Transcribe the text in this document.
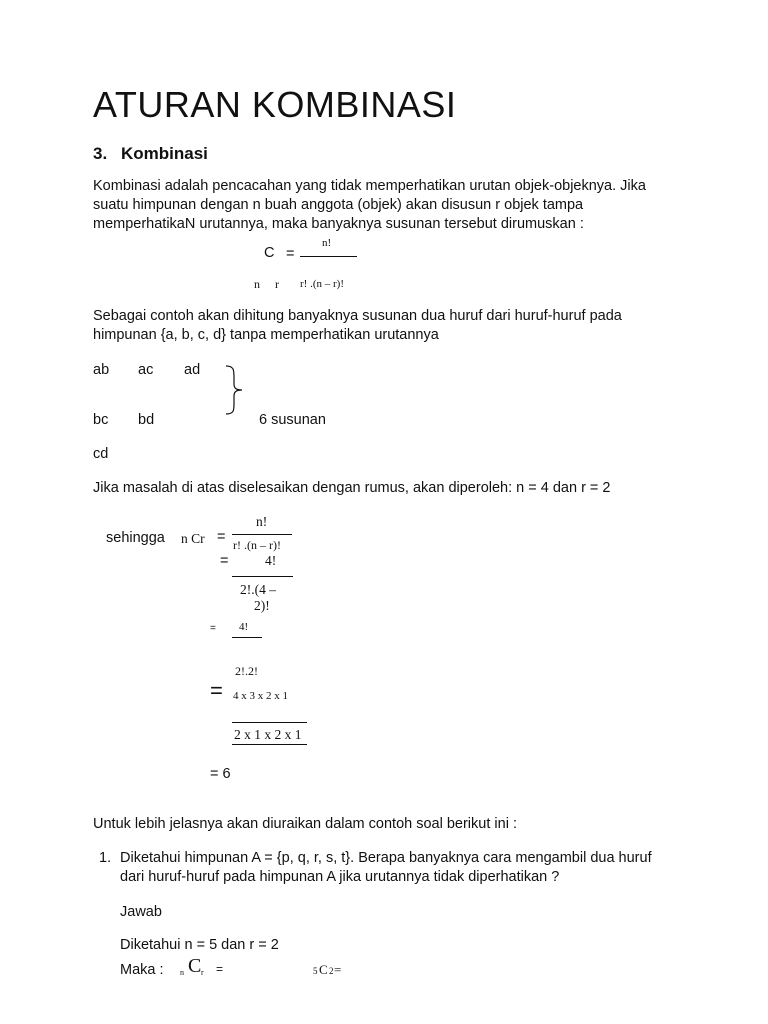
ATURAN KOMBINASI
3. Kombinasi
Kombinasi adalah pencacahan yang tidak memperhatikan urutan objek-objeknya. Jika
suatu himpunan dengan n buah anggota (objek) akan disusun r objek tampa
memperhatikaN urutannya, maka banyaknya susunan tersebut dirumuskan :
n!
C =
n r r! .(n – r)!
Sebagai contoh akan dihitung banyaknya susunan dua huruf dari huruf-huruf pada
himpunan {a, b, c, d} tanpa memperhatikan urutannya
ab ac ad
bc bd	6 susunan
cd
Jika masalah di atas diselesaikan dengan rumus, akan diperoleh: n = 4 dan r = 2
n!
sehingga n Cr = r! .(n – r)!
=	4!
2!.(4 –
2)!
= 4!
2!.2!
= 4 x 3 x 2 x 1
2 x 1 x 2 x 1
= 6
Untuk lebih jelasnya akan diuraikan dalam contoh soal berikut ini :
1. Diketahui himpunan A = {p, q, r, s, t}. Berapa banyaknya cara mengambil dua huruf
dari huruf-huruf pada himpunan A jika urutannya tidak diperhatikan ?
Jawab
Diketahui n = 5 dan r = 2
Maka : n C r =	5 C 2 =
